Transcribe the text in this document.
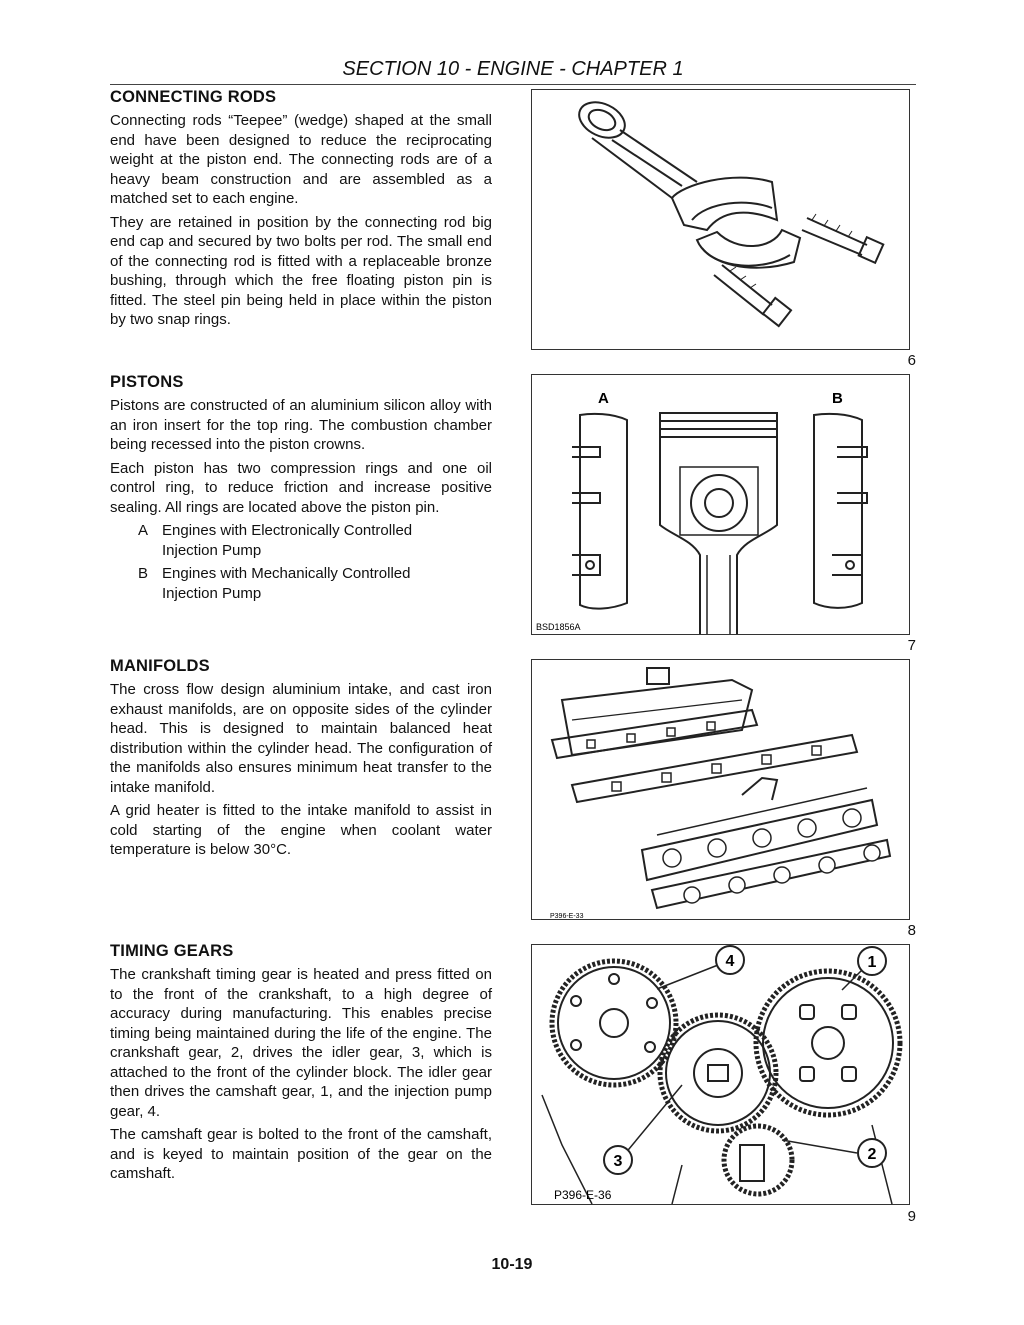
SECTION 10 - ENGINE - CHAPTER 1
CONNECTING RODS

Connecting rods “Teepee” (wedge) shaped at the small end have been designed to reduce the reciprocating weight at the piston end. The connecting rods are of a heavy beam construction and are assembled as a matched set to each engine.

They are retained in position by the connecting rod big end cap and secured by two bolts per rod. The small end of the connecting rod is fitted with a replaceable bronze bushing, through which the free floating piston pin is fitted. The steel pin being held in place within the piston by two snap rings.

PISTONS

Pistons are constructed of an aluminium silicon alloy with an iron insert for the top ring. The combustion chamber being recessed into the piston crowns.

Each piston has two compression rings and one oil control ring, to reduce friction and increase positive sealing. All rings are located above the piston pin.

A Engines with Electronically Controlled Injection Pump
B Engines with Mechanically Controlled Injection Pump
MANIFOLDS

The cross flow design aluminium intake, and cast iron exhaust manifolds, are on opposite sides of the cylinder head. This is designed to maintain balanced heat distribution within the cylinder head. The configuration of the manifolds also ensures minimum heat transfer to the intake manifold.

A grid heater is fitted to the intake manifold to assist in cold starting of the engine when coolant water temperature is below 30°C.

TIMING GEARS

The crankshaft timing gear is heated and press fitted on to the front of the crankshaft, to a high degree of accuracy during manufacturing. This enables precise timing being maintained during the life of the engine. The crankshaft gear, 2, drives the idler gear, 3, which is attached to the front of the cylinder block. The idler gear then drives the camshaft gear, 1, and the injection pump gear, 4.

The camshaft gear is bolted to the front of the camshaft, and is keyed to maintain position of the gear on the camshaft.

6
A	B
BSD1856A
7
P396-E-33
8
4	1
3	2
P396-E-36
9
10-19
